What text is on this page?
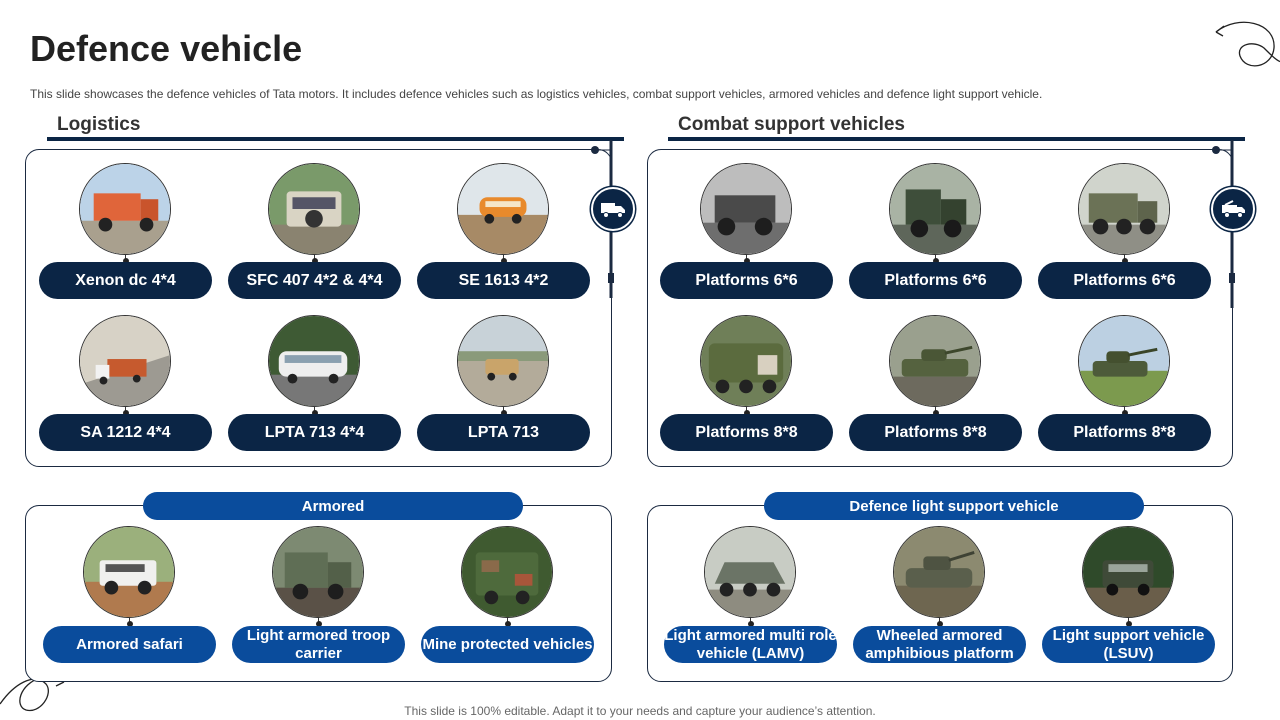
Defence vehicle
This slide showcases the defence vehicles of Tata motors. It includes defence vehicles such as logistics vehicles, combat support vehicles, armored vehicles and defence light support vehicle.
Logistics
Xenon dc 4*4	SFC 407 4*2 & 4*4	SE 1613 4*2
SA 1212 4*4	LPTA 713 4*4	LPTA 713
Combat support vehicles
Platforms 6*6	Platforms 6*6	Platforms 6*6
Platforms 8*8	Platforms 8*8	Platforms 8*8
Armored
Armored safari
Light armored troop carrier
Mine protected vehicles
Defence light support vehicle
Light armored multi role vehicle (LAMV)
Wheeled armored amphibious platform
Light support vehicle (LSUV)
This slide is 100% editable. Adapt it to your needs and capture your audience’s attention.
